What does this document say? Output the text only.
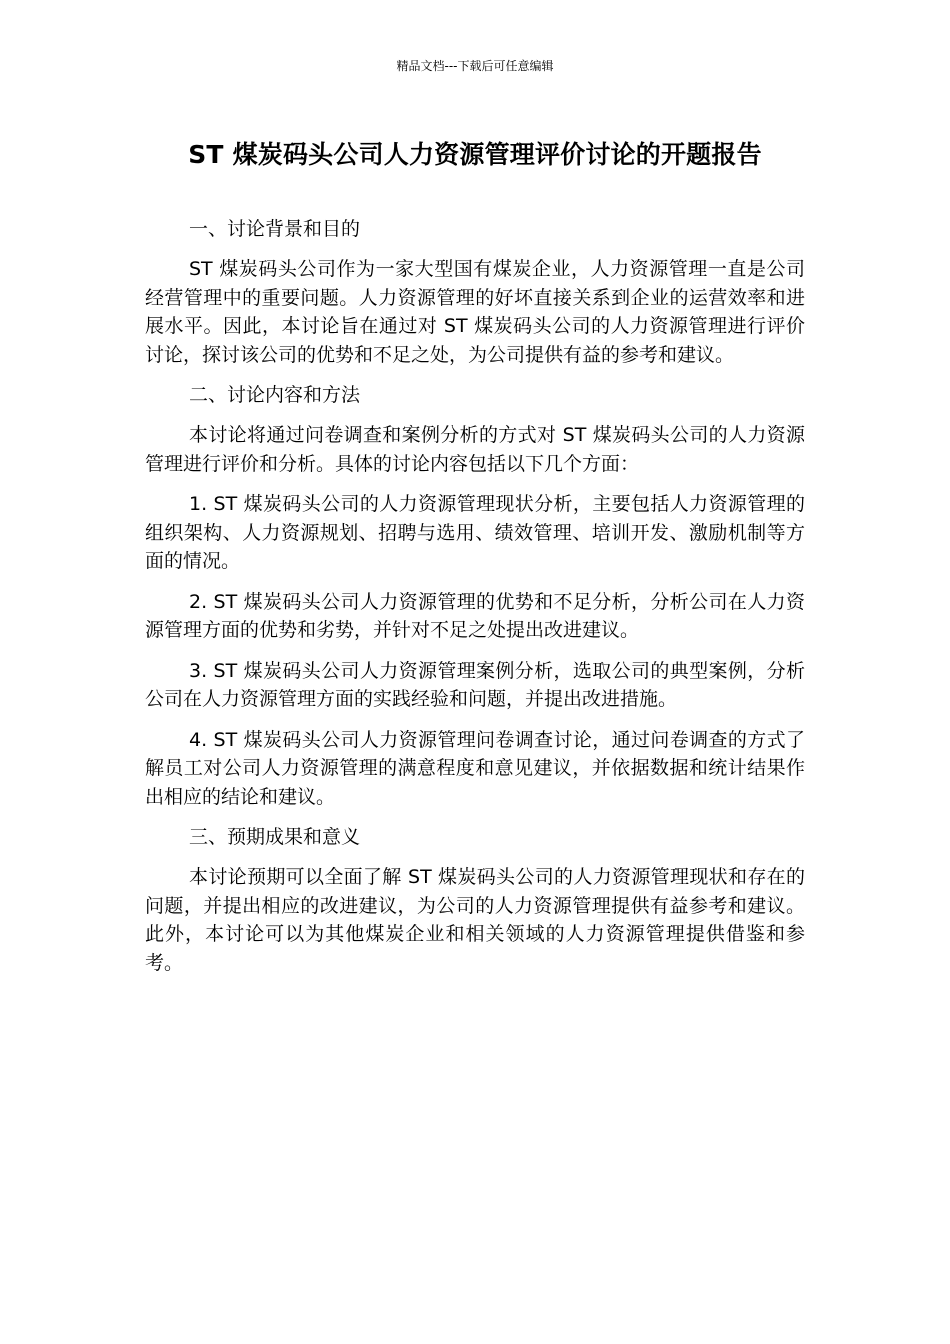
精品文档---下载后可任意编辑
ST 煤炭码头公司人力资源管理评价讨论的开题报告

一、讨论背景和目的

ST 煤炭码头公司作为一家大型国有煤炭企业，人力资源管理一直是公司经营管理中的重要问题。人力资源管理的好坏直接关系到企业的运营效率和进展水平。因此，本讨论旨在通过对 ST 煤炭码头公司的人力资源管理进行评价讨论，探讨该公司的优势和不足之处，为公司提供有益的参考和建议。

二、讨论内容和方法

本讨论将通过问卷调查和案例分析的方式对 ST 煤炭码头公司的人力资源管理进行评价和分析。具体的讨论内容包括以下几个方面：

1. ST 煤炭码头公司的人力资源管理现状分析，主要包括人力资源管理的组织架构、人力资源规划、招聘与选用、绩效管理、培训开发、激励机制等方面的情况。

2. ST 煤炭码头公司人力资源管理的优势和不足分析，分析公司在人力资源管理方面的优势和劣势，并针对不足之处提出改进建议。

3. ST 煤炭码头公司人力资源管理案例分析，选取公司的典型案例，分析公司在人力资源管理方面的实践经验和问题，并提出改进措施。

4. ST 煤炭码头公司人力资源管理问卷调查讨论，通过问卷调查的方式了解员工对公司人力资源管理的满意程度和意见建议，并依据数据和统计结果作出相应的结论和建议。

三、预期成果和意义

本讨论预期可以全面了解 ST 煤炭码头公司的人力资源管理现状和存在的问题，并提出相应的改进建议，为公司的人力资源管理提供有益参考和建议。此外，本讨论可以为其他煤炭企业和相关领域的人力资源管理提供借鉴和参考。
